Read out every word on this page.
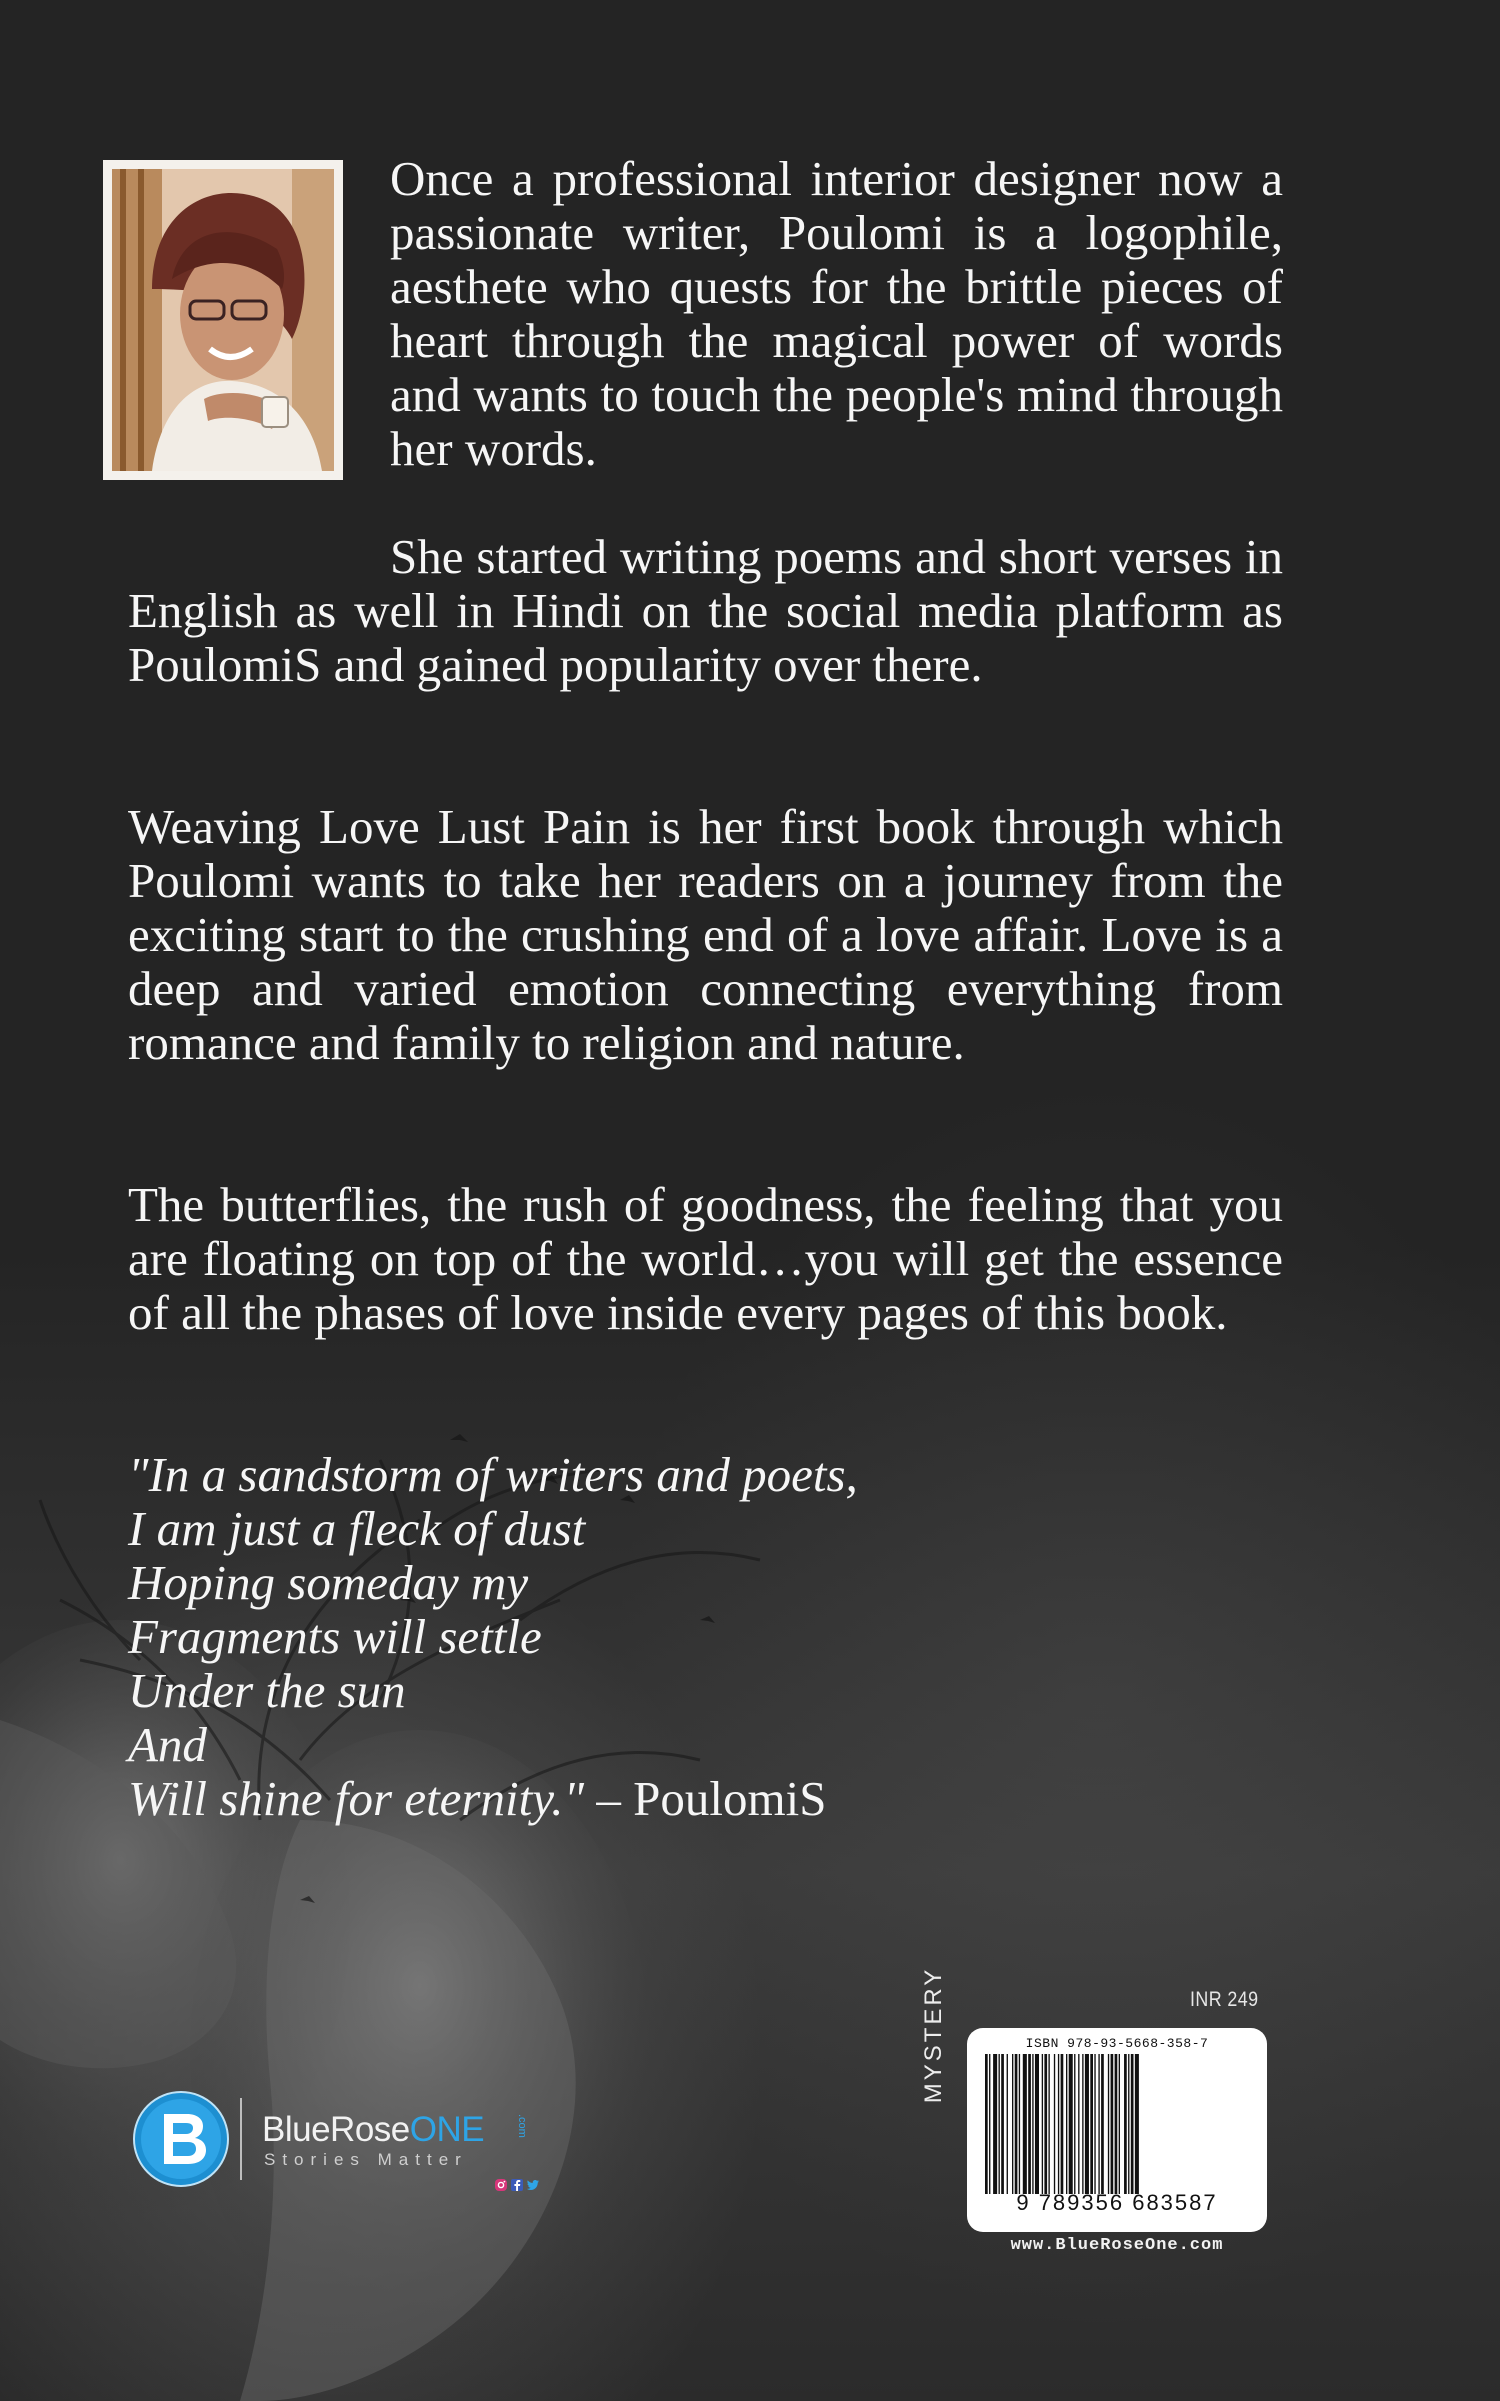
Once a professional interior designer now a passionate writer, Poulomi is a logophile, aesthete who quests for the brittle pieces of heart through the magical power of words and wants to touch the people's mind through her words.

She started writing poems and short verses in English as well in Hindi on the social media platform as PoulomiS and gained popularity over there.

Weaving Love Lust Pain is her first book through which Poulomi wants to take her readers on a journey from the exciting start to the crushing end of a love affair. Love is a deep and varied emotion connecting everything from romance and family to religion and nature.

The butterflies, the rush of goodness, the feeling that you are floating on top of the world…you will get the essence of all the phases of love inside every pages of this book.

"In a sandstorm of writers and poets,
I am just a fleck of dust
Hoping someday my
Fragments will settle
Under the sun
And
Will shine for eternity." – PoulomiS
INR 249
MYSTERY	ISBN 978-93-5668-358-7
9 789356 683587
www.BlueRoseOne.com
BlueRoseONE	.com
Stories Matter
